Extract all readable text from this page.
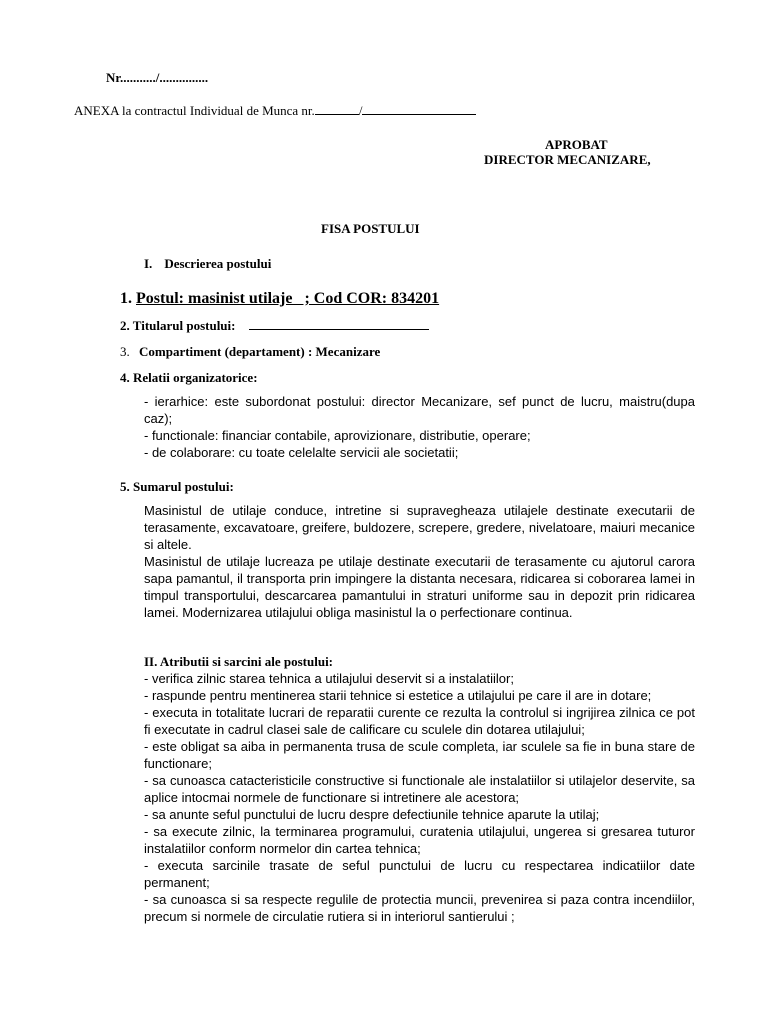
Nr.........../...............
ANEXA la contractul Individual de Munca nr.	/
APROBAT
DIRECTOR MECANIZARE,
FISA POSTULUI
I. Descrierea postului
1. Postul: masinist utilaje   ; Cod COR: 834201
2. Titularul postului:
3. Compartiment (departament) : Mecanizare
4. Relatii organizatorice:

- ierarhice: este subordonat postului: director Mecanizare, sef punct de lucru, maistru(dupa caz);

- functionale: financiar contabile, aprovizionare, distributie, operare;

- de colaborare: cu toate celelalte servicii ale societatii;

5. Sumarul postului:

Masinistul de utilaje conduce, intretine si supravegheaza utilajele destinate executarii de terasamente, excavatoare, greifere, buldozere, screpere, gredere, nivelatoare, maiuri mecanice si altele.

Masinistul de utilaje lucreaza pe utilaje destinate executarii de terasamente cu ajutorul carora sapa pamantul, il transporta prin impingere la distanta necesara, ridicarea si coborarea lamei in timpul transportului, descarcarea pamantului in straturi uniforme sau in depozit prin ridicarea lamei. Modernizarea utilajului obliga masinistul la o perfectionare continua.

II. Atributii si sarcini ale postului:

- verifica zilnic starea tehnica a utilajului deservit si a instalatiilor;

- raspunde pentru mentinerea starii tehnice si estetice a utilajului pe care il are in dotare;

- executa in totalitate lucrari de reparatii curente ce rezulta la controlul si ingrijirea zilnica ce pot fi executate in cadrul clasei sale de calificare cu sculele din dotarea utilajului;

- este obligat sa aiba in permanenta trusa de scule completa, iar sculele sa fie in buna stare de functionare;

- sa cunoasca catacteristicile constructive si functionale ale instalatiilor si utilajelor deservite, sa aplice intocmai normele de functionare si intretinere ale acestora;

- sa anunte seful punctului de lucru despre defectiunile tehnice aparute la utilaj;

- sa execute zilnic, la terminarea programului, curatenia utilajului, ungerea si gresarea tuturor instalatiilor conform normelor din cartea tehnica;

- executa sarcinile trasate de seful punctului de lucru cu respectarea indicatiilor date permanent;

- sa cunoasca si sa respecte regulile de protectia muncii, prevenirea si paza contra incendiilor, precum si normele de circulatie rutiera si in interiorul santierului ;
